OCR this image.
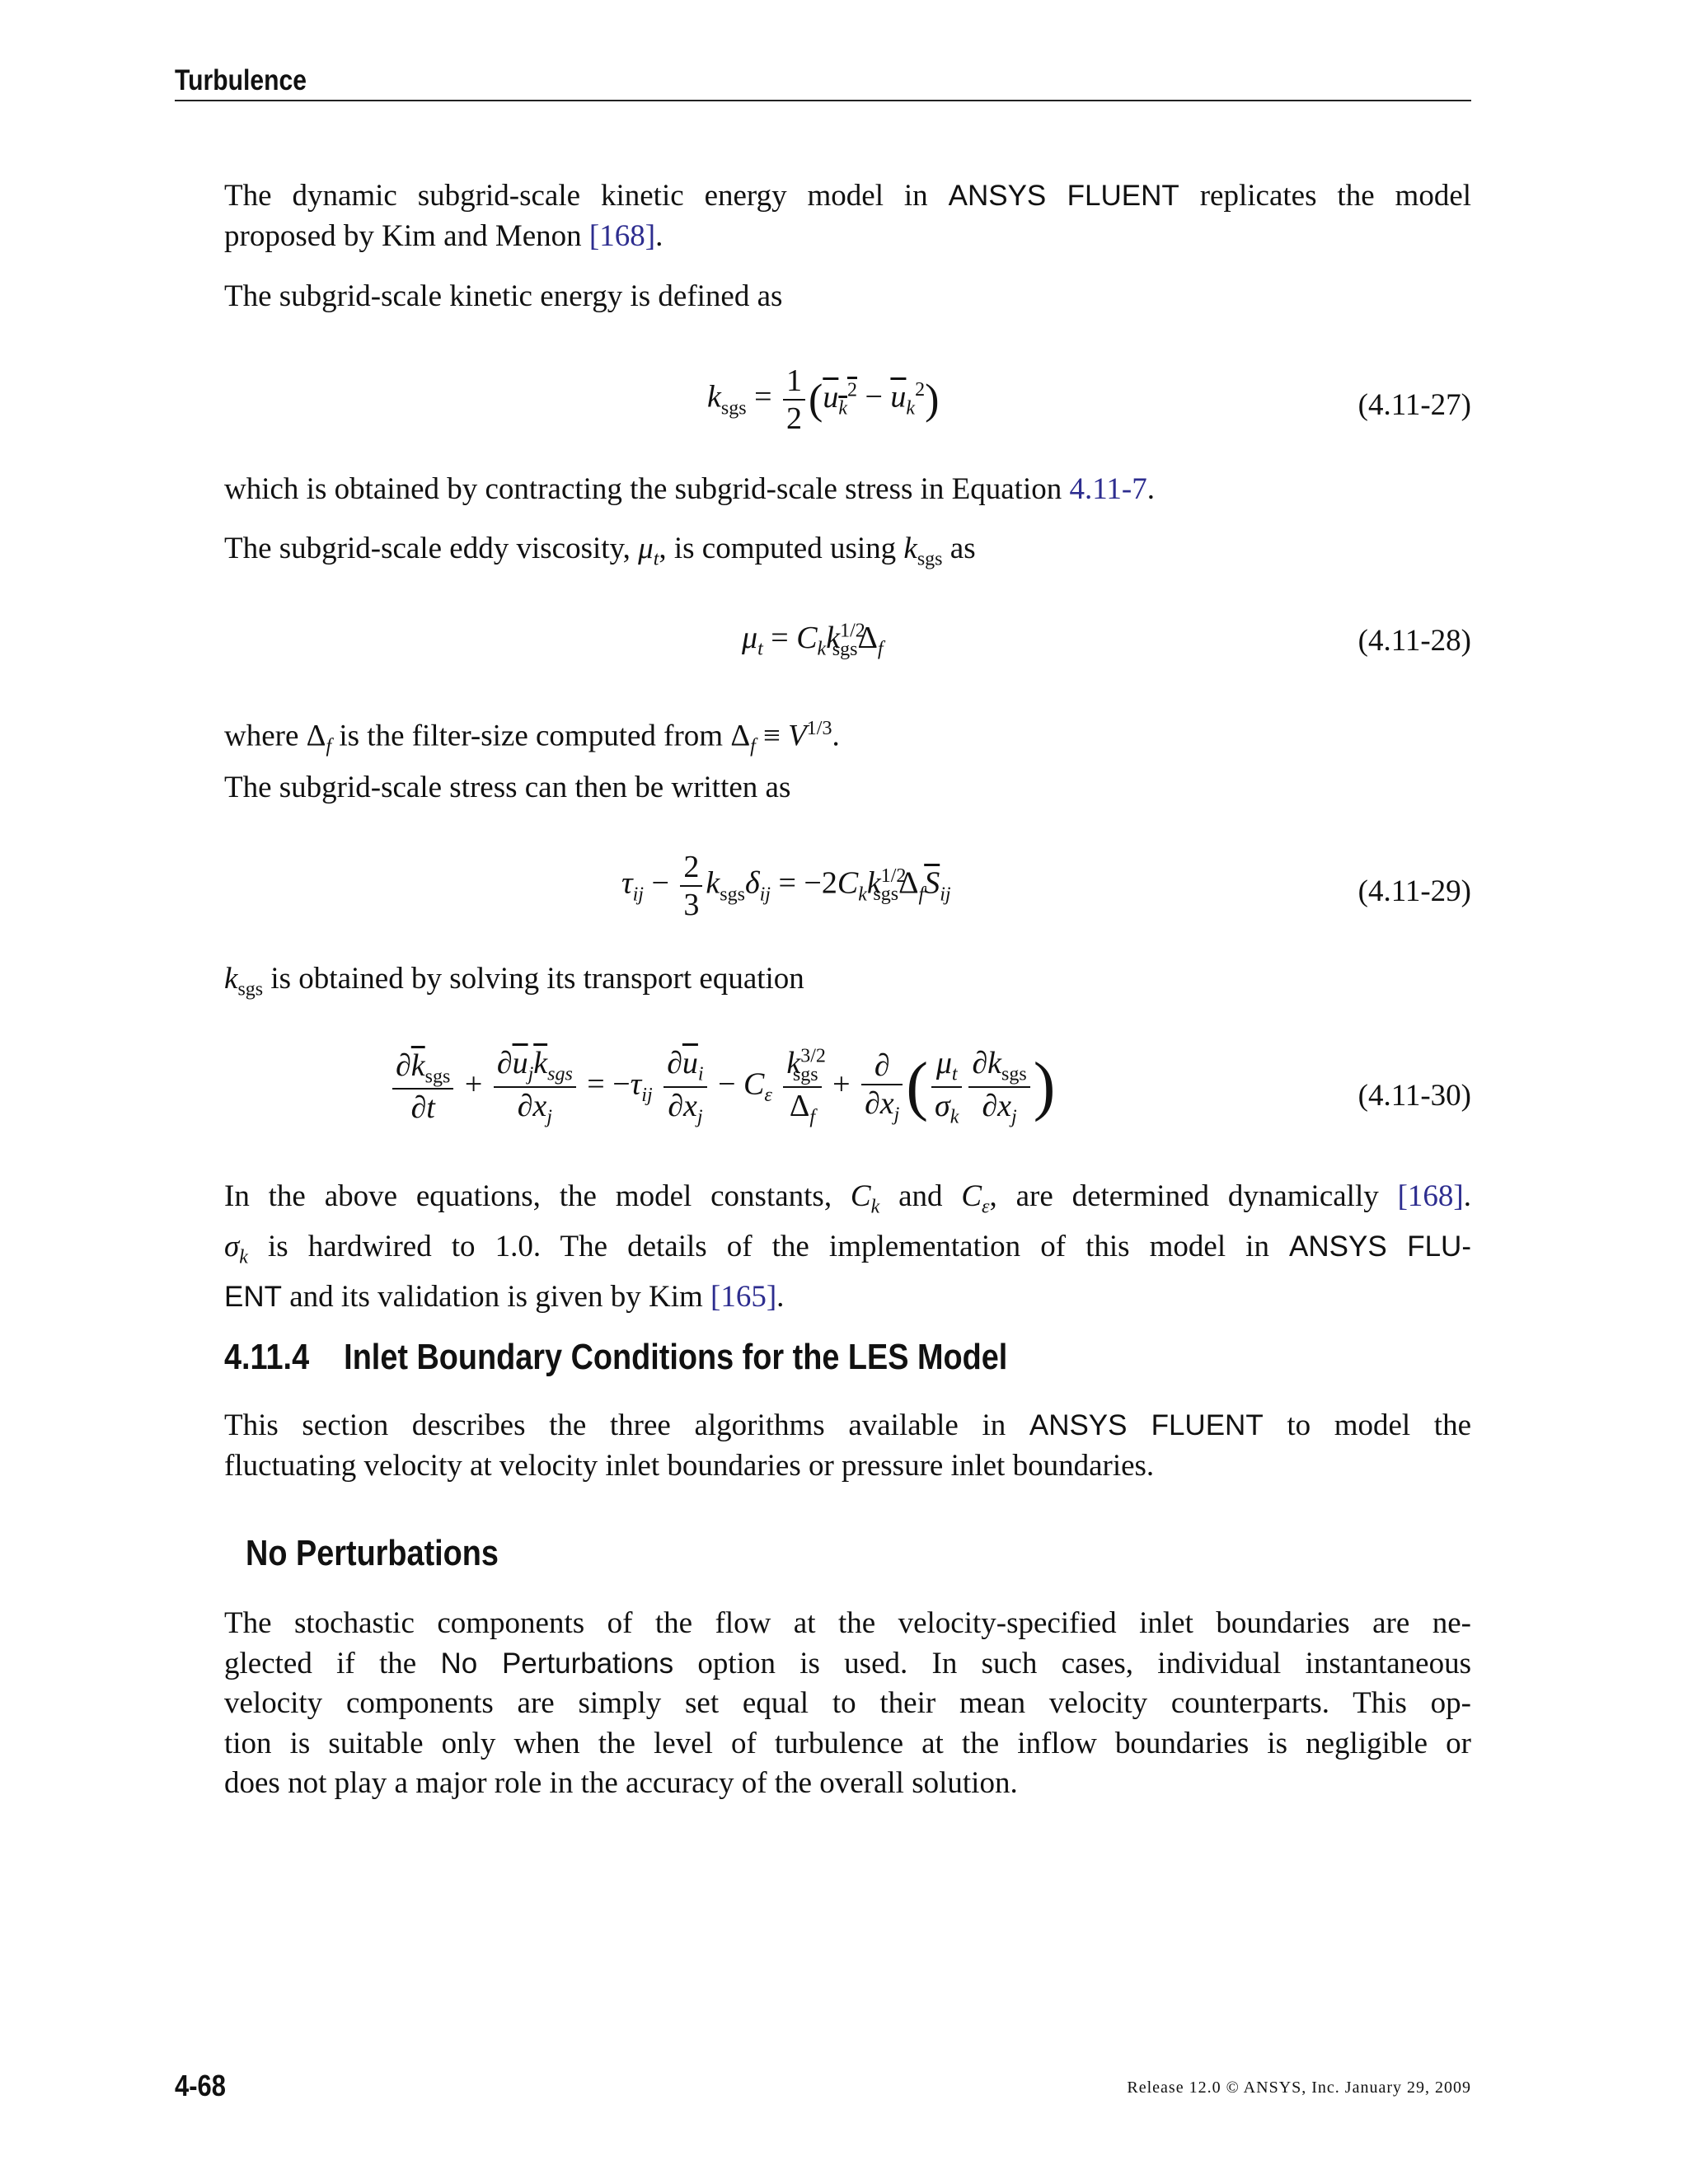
Turbulence
The dynamic subgrid-scale kinetic energy model in ANSYS FLUENT replicates the model
proposed by Kim and Menon [168].
The subgrid-scale kinetic energy is defined as
$k_{sgs} = \frac{1}{2} (u_k^2 - \overline{u}_k^2)$	(4.11-27)
which is obtained by contracting the subgrid-scale stress in Equation 4.11-7.
The subgrid-scale eddy viscosity, $\mu_t$, is computed using $k_{sgs}$ as
$\mu_t = C_kk^{1/2}_{sgs}\Delta_f$	(4.11-28)
where $\Delta_f$ is the filter-size computed from $\Delta_f \equiv V^{1/3}$.
The subgrid-scale stress can then be written as
$\tau_{ij} - \frac{2}{3} k_{sgs}\delta_{ij} = -2C_kk^{1/2}_{sgs}\Delta_f\overline{S}_{ij}$	(4.11-29)
$k_{sgs}$ is obtained by solving its transport equation
$\frac{\partial\overline{k}_{sgs}}{\partial t} + \frac{\partial\overline{u}_j\overline{k}_{sgs}}{\partial x_j} = -\tau_{ij} \frac{\partial\overline{u}_i}{\partial x_j} - C_\varepsilon \frac{k^{3/2}_{sgs}}{\Delta_f} + \frac{\partial}{\partial x_j}$ ( $\frac{\mu_t}{\sigma_k} \frac{\partial k_{sgs}}{\partial x_j}$ )	(4.11-30)
In the above equations, the model constants, $C_k$ and $C_\varepsilon$, are determined dynamically [168].
$\sigma_k$ is hardwired to 1.0. The details of the implementation of this model in ANSYS FLU-
ENT and its validation is given by Kim [165].
4.11.4 Inlet Boundary Conditions for the LES Model
This section describes the three algorithms available in ANSYS FLUENT to model the
fluctuating velocity at velocity inlet boundaries or pressure inlet boundaries.
No Perturbations
The stochastic components of the flow at the velocity-specified inlet boundaries are ne-
glected if the No Perturbations option is used. In such cases, individual instantaneous
velocity components are simply set equal to their mean velocity counterparts. This op-
tion is suitable only when the level of turbulence at the inflow boundaries is negligible or
does not play a major role in the accuracy of the overall solution.
4-68	Release 12.0 © ANSYS, Inc. January 29, 2009
